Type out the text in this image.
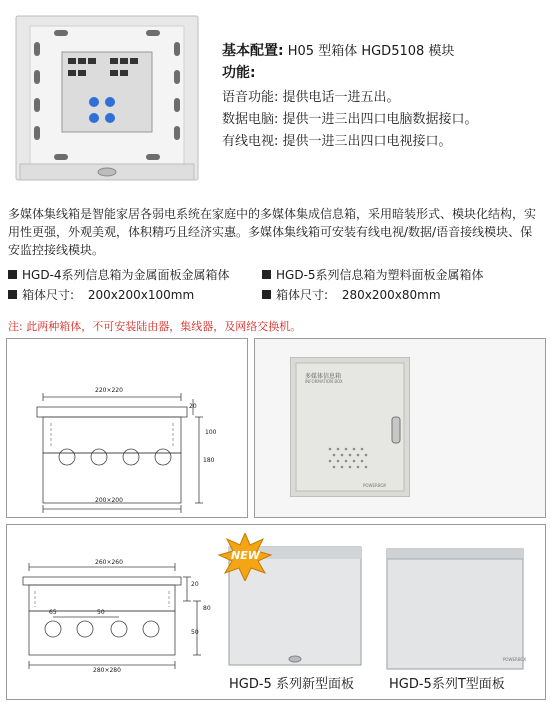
基本配置: H05 型箱体 HGD5108 模块
功能:
语音功能: 提供电话一进五出。
数据电脑: 提供一进三出四口电脑数据接口。
有线电视: 提供一进三出四口电视接口。
多媒体集线箱是智能家居各弱电系统在家庭中的多媒体集成信息箱，采用暗装形式、模块化结构，实用性更强，外观美观，体积精巧且经济实惠。多媒体集线箱可安装有线电视/数据/语音接线模块、保安监控接线模块。
HGD-4系列信息箱为金属面板金属箱体	HGD-5系列信息箱为塑料面板金属箱体
箱体尺寸: 200x200x100mm	箱体尺寸: 280x200x80mm
注: 此两种箱体，不可安装陆由器，集线器，及网络交换机。
220×220
20
180
200×200
100
多媒体信息箱
INFORMATION BOX
POWERBOX
260×260
20
50
65	50
80
280×280
NEW
POWERBOX
HGD-5 系列新型面板	HGD-5系列T型面板
